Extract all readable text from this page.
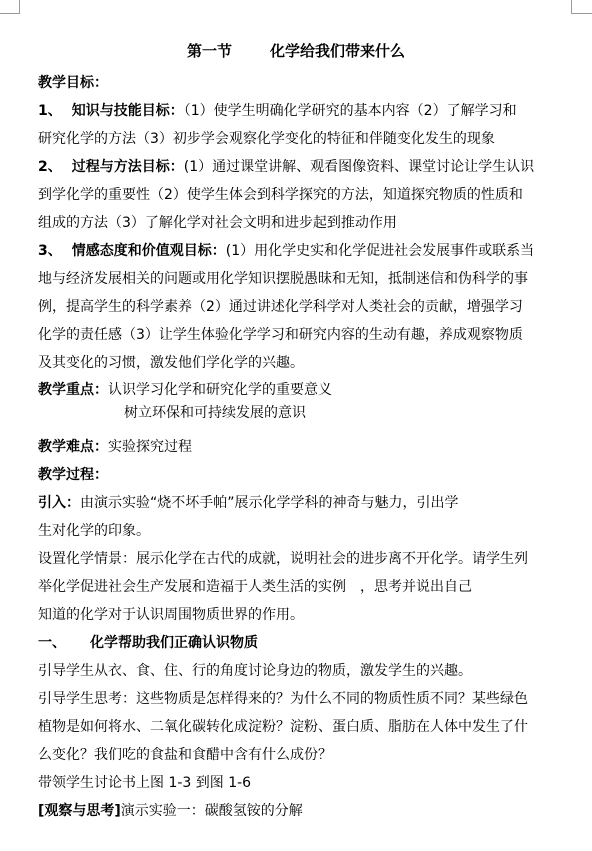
第一节	化学给我们带来什么
教学目标：
1、 知识与技能目标：（1）使学生明确化学研究的基本内容（2）了解学习和
研究化学的方法（3）初步学会观察化学变化的特征和伴随变化发生的现象
2、 过程与方法目标：(1）通过课堂讲解、观看图像资料、课堂讨论让学生认识
到学化学的重要性（2）使学生体会到科学探究的方法，知道探究物质的性质和
组成的方法（3）了解化学对社会文明和进步起到推动作用
3、 情感态度和价值观目标：(1）用化学史实和化学促进社会发展事件或联系当
地与经济发展相关的问题或用化学知识摆脱愚昧和无知，抵制迷信和伪科学的事
例，提高学生的科学素养（2）通过讲述化学科学对人类社会的贡献，增强学习
化学的责任感（3）让学生体验化学学习和研究内容的生动有趣，养成观察物质
及其变化的习惯，激发他们学化学的兴趣。
教学重点：认识学习化学和研究化学的重要意义
树立环保和可持续发展的意识
教学难点：实验探究过程
教学过程：
引入：由演示实验“烧不坏手帕”展示化学学科的神奇与魅力，引出学
生对化学的印象。
设置化学情景：展示化学在古代的成就，说明社会的进步离不开化学。请学生列
举化学促进社会生产发展和造福于人类生活的实例　，思考并说出自己
知道的化学对于认识周围物质世界的作用。
一、 化学帮助我们正确认识物质
引导学生从衣、食、住、行的角度讨论身边的物质，激发学生的兴趣。
引导学生思考：这些物质是怎样得来的？为什么不同的物质性质不同？某些绿色
植物是如何将水、二氧化碳转化成淀粉？淀粉、蛋白质、脂肪在人体中发生了什
么变化？我们吃的食盐和食醋中含有什么成份？
带领学生讨论书上图 1-3 到图 1-6
[观察与思考]演示实验一：碳酸氢铵的分解
